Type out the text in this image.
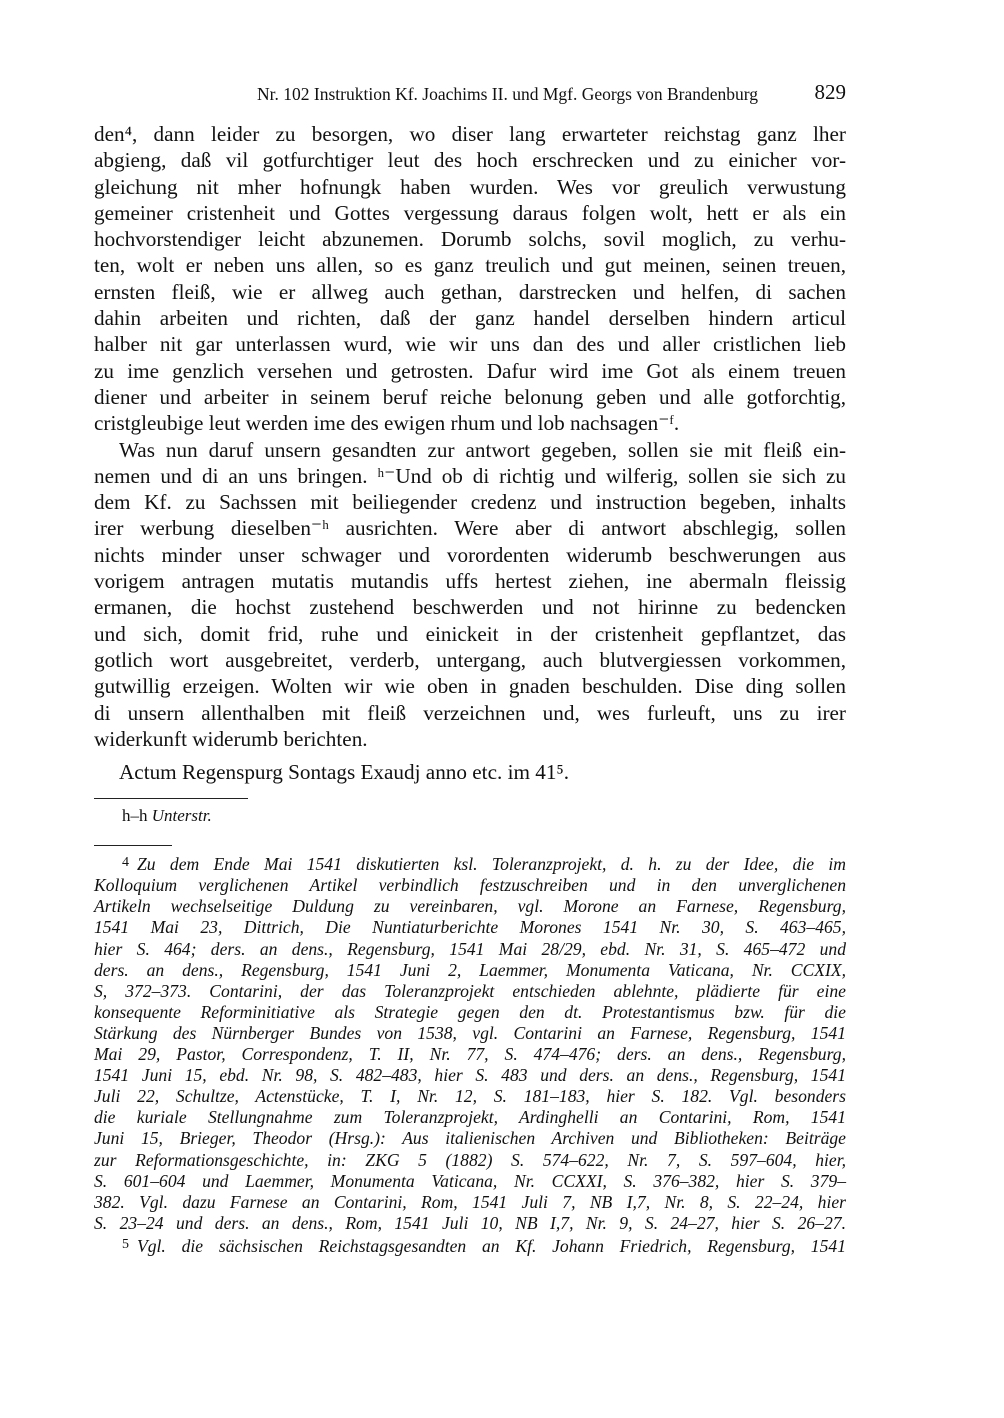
Nr. 102 Instruktion Kf. Joachims II. und Mgf. Georgs von Brandenburg	829

den⁴, dann leider zu besorgen, wo diser lang erwarteter reichstag ganz lher
abgieng, daß vil gotfurchtiger leut des hoch erschrecken und zu einicher vor-
gleichung nit mher hofnungk haben wurden. Wes vor greulich verwustung
gemeiner cristenheit und Gottes vergessung daraus folgen wolt, hett er als ein
hochvorstendiger leicht abzunemen. Dorumb solchs, sovil moglich, zu verhu-
ten, wolt er neben uns allen, so es ganz treulich und gut meinen, seinen treuen,
ernsten fleiß, wie er allweg auch gethan, darstrecken und helfen, di sachen
dahin arbeiten und richten, daß der ganz handel derselben hindern articul
halber nit gar unterlassen wurd, wie wir uns dan des und aller cristlichen lieb
zu ime genzlich versehen und getrosten. Dafur wird ime Got als einem treuen
diener und arbeiter in seinem beruf reiche belonung geben und alle gotforchtig,
cristgleubige leut werden ime des ewigen rhum und lob nachsagen⁻ᶠ.

Was nun daruf unsern gesandten zur antwort gegeben, sollen sie mit fleiß ein-
nemen und di an uns bringen. ʰ⁻Und ob di richtig und wilferig, sollen sie sich zu
dem Kf. zu Sachssen mit beiliegender credenz und instruction begeben, inhalts
irer werbung dieselben⁻ʰ ausrichten. Were aber di antwort abschlegig, sollen
nichts minder unser schwager und vorordenten widerumb beschwerungen aus
vorigem antragen mutatis mutandis uffs hertest ziehen, ine abermaln fleissig
ermanen, die hochst zustehend beschwerden und not hirinne zu bedencken
und sich, domit frid, ruhe und einickeit in der cristenheit gepflantzet, das
gotlich wort ausgebreitet, verderb, untergang, auch blutvergiessen vorkommen,
gutwillig erzeigen. Wolten wir wie oben in gnaden beschulden. Dise ding sollen
di unsern allenthalben mit fleiß verzeichnen und, wes furleuft, uns zu irer
widerkunft widerumb berichten.

Actum Regenspurg Sontags Exaudj anno etc. im 41⁵.

h–h Unterstr.
$^4$ Zu dem Ende Mai 1541 diskutierten ksl. Toleranzprojekt, d. h. zu der Idee, die im
Kolloquium verglichenen Artikel verbindlich festzuschreiben und in den unverglichenen
Artikeln wechselseitige Duldung zu vereinbaren, vgl. Morone an Farnese, Regensburg,
1541 Mai 23, Dittrich, Die Nuntiaturberichte Morones 1541 Nr. 30, S. 463–465,
hier S. 464; ders. an dens., Regensburg, 1541 Mai 28/29, ebd. Nr. 31, S. 465–472 und
ders. an dens., Regensburg, 1541 Juni 2, Laemmer, Monumenta Vaticana, Nr. CCXIX,
S, 372–373. Contarini, der das Toleranzprojekt entschieden ablehnte, plädierte für eine
konsequente Reforminitiative als Strategie gegen den dt. Protestantismus bzw. für die
Stärkung des Nürnberger Bundes von 1538, vgl. Contarini an Farnese, Regensburg, 1541
Mai 29, Pastor, Correspondenz, T. II, Nr. 77, S. 474–476; ders. an dens., Regensburg,
1541 Juni 15, ebd. Nr. 98, S. 482–483, hier S. 483 und ders. an dens., Regensburg, 1541
Juli 22, Schultze, Actenstücke, T. I, Nr. 12, S. 181–183, hier S. 182. Vgl. besonders
die kuriale Stellungnahme zum Toleranzprojekt, Ardinghelli an Contarini, Rom, 1541
Juni 15, Brieger, Theodor (Hrsg.): Aus italienischen Archiven und Bibliotheken: Beiträge
zur Reformationsgeschichte, in: ZKG 5 (1882) S. 574–622, Nr. 7, S. 597–604, hier,
S. 601–604 und Laemmer, Monumenta Vaticana, Nr. CCXXI, S. 376–382, hier S. 379–
382. Vgl. dazu Farnese an Contarini, Rom, 1541 Juli 7, NB I,7, Nr. 8, S. 22–24, hier
S. 23–24 und ders. an dens., Rom, 1541 Juli 10, NB I,7, Nr. 9, S. 24–27, hier S. 26–27.
$^5$ Vgl. die sächsischen Reichstagsgesandten an Kf. Johann Friedrich, Regensburg, 1541
